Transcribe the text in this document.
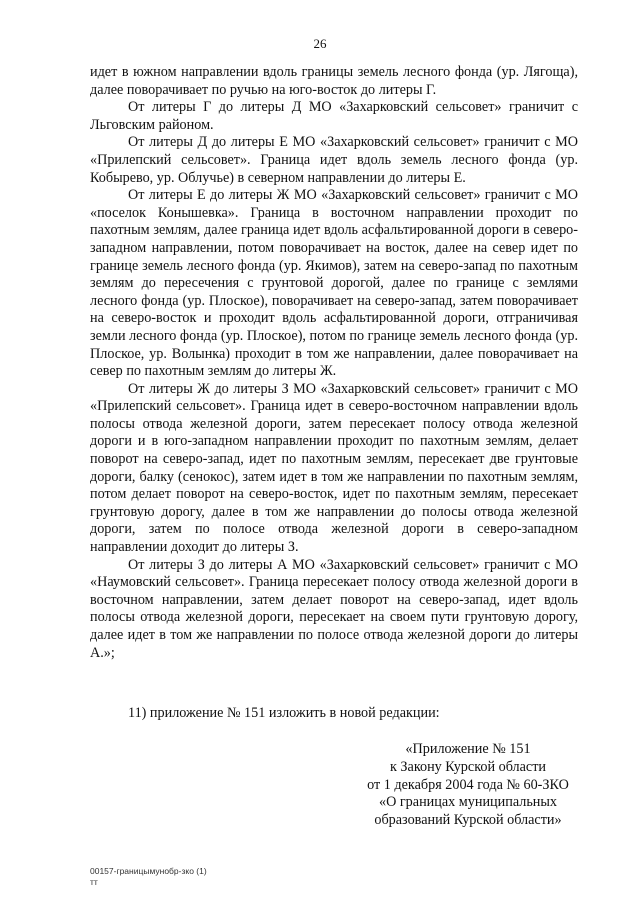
26

идет в южном направлении вдоль границы земель лесного фонда (ур. Лягоща), далее поворачивает по ручью на юго-восток до литеры Г.

От литеры Г до литеры Д МО «Захарковский сельсовет» граничит с Льговским районом.

От литеры Д до литеры Е МО «Захарковский сельсовет» граничит с МО «Прилепский сельсовет». Граница идет вдоль земель лесного фонда (ур. Кобырево, ур. Облучье) в северном направлении до литеры Е.

От литеры Е до литеры Ж МО «Захарковский сельсовет» граничит с МО «поселок Конышевка». Граница в восточном направлении проходит по пахотным землям, далее граница идет вдоль асфальтированной дороги в северо-западном направлении, потом поворачивает на восток, далее на север идет по границе земель лесного фонда (ур. Якимов), затем на северо-запад по пахотным землям до пересечения с грунтовой дорогой, далее по границе с землями лесного фонда (ур. Плоское), поворачивает на северо-запад, затем поворачивает на северо-восток и проходит вдоль асфальтированной дороги, отграничивая земли лесного фонда (ур. Плоское), потом по границе земель лесного фонда (ур. Плоское, ур. Волынка) проходит в том же направлении, далее поворачивает на север по пахотным землям до литеры Ж.

От литеры Ж до литеры З МО «Захарковский сельсовет» граничит с МО «Прилепский сельсовет». Граница идет в северо-восточном направлении вдоль полосы отвода железной дороги, затем пересекает полосу отвода железной дороги и в юго-западном направлении проходит по пахотным землям, делает поворот на северо-запад, идет по пахотным землям, пересекает две грунтовые дороги, балку (сенокос), затем идет в том же направлении по пахотным землям, потом делает поворот на северо-восток, идет по пахотным землям, пересекает грунтовую дорогу, далее в том же направлении до полосы отвода железной дороги, затем по полосе отвода железной дороги в северо-западном направлении доходит до литеры З.

От литеры З до литеры А МО «Захарковский сельсовет» граничит с МО «Наумовский сельсовет». Граница пересекает полосу отвода железной дороги в восточном направлении, затем делает поворот на северо-запад, идет вдоль полосы отвода железной дороги, пересекает на своем пути грунтовую дорогу, далее идет в том же направлении по полосе отвода железной дороги до литеры А.»;

11) приложение № 151 изложить в новой редакции:
«Приложение № 151
к Закону Курской области
от 1 декабря 2004 года № 60-ЗКО
«О границах муниципальных
образований Курской области»
00157-границымунобр-зко (1)
тт
